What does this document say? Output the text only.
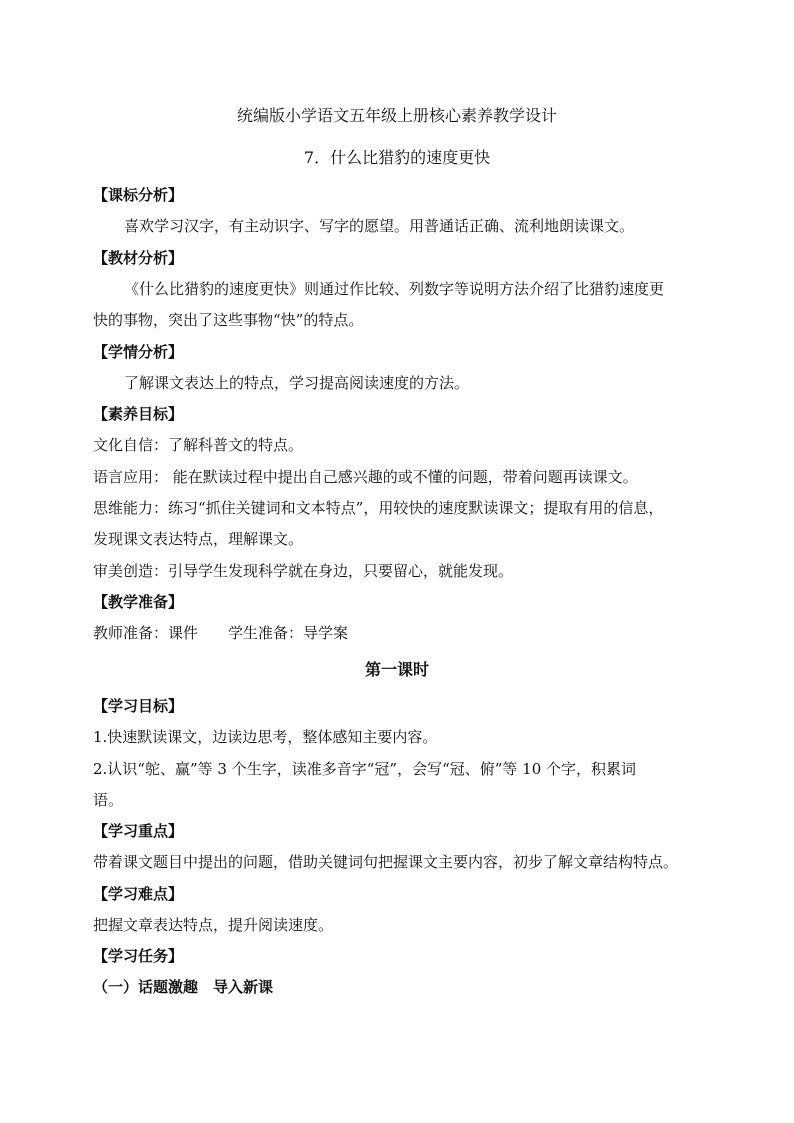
统编版小学语文五年级上册核心素养教学设计
7．什么比猎豹的速度更快
【课标分析】
喜欢学习汉字，有主动识字、写字的愿望。用普通话正确、流利地朗读课文。
【教材分析】
《什么比猎豹的速度更快》则通过作比较、列数字等说明方法介绍了比猎豹速度更
快的事物，突出了这些事物“快”的特点。
【学情分析】
了解课文表达上的特点，学习提高阅读速度的方法。
【素养目标】
文化自信：了解科普文的特点。
语言应用： 能在默读过程中提出自己感兴趣的或不懂的问题，带着问题再读课文。
思维能力：练习“抓住关键词和文本特点”，用较快的速度默读课文；提取有用的信息，
发现课文表达特点，理解课文。
审美创造：引导学生发现科学就在身边，只要留心，就能发现。
【教学准备】
教师准备：课件　　学生准备：导学案
第一课时
【学习目标】
1.快速默读课文，边读边思考，整体感知主要内容。
2.认识“鸵、赢”等 3 个生字，读准多音字“冠”，会写“冠、俯”等 10 个字，积累词
语。
【学习重点】
带着课文题目中提出的问题，借助关键词句把握课文主要内容，初步了解文章结构特点。
【学习难点】
把握文章表达特点，提升阅读速度。
【学习任务】
（一）话题激趣　导入新课
